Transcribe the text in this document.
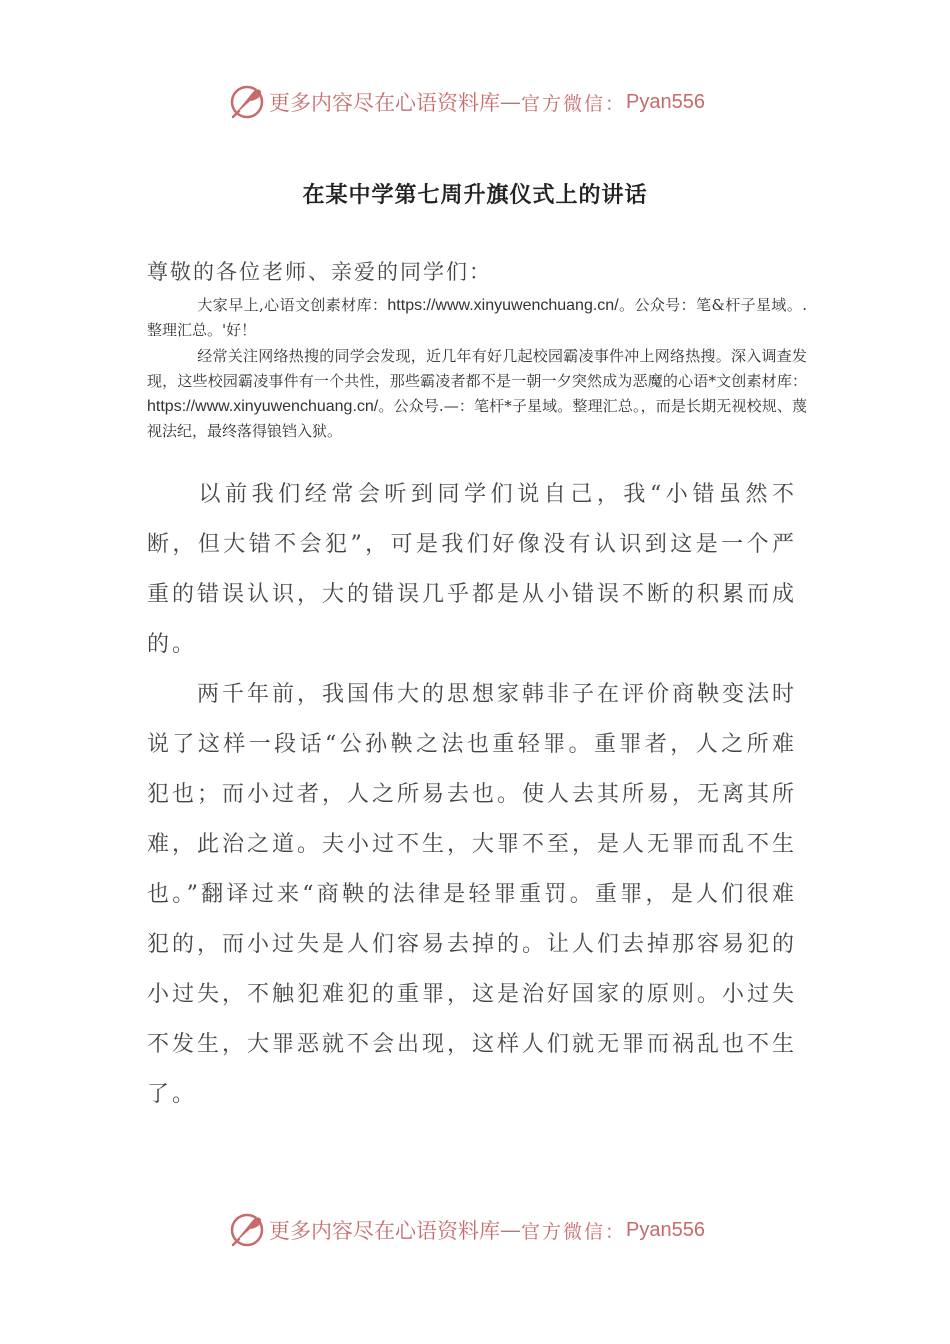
更多内容尽在心语资料库 — 官方微信： Pyan556
在某中学第七周升旗仪式上的讲话
尊敬的各位老师、亲爱的同学们：
大家早上,心语文创素材库：https://www.xinyuwenchuang.cn/。公众号：笔&杆子星域。.整理汇总。'好！
经常关注网络热搜的同学会发现，近几年有好几起校园霸凌事件冲上网络热搜。深入调查发现，这些校园霸凌事件有一个共性，那些霸凌者都不是一朝一夕突然成为恶魔的心语*文创素材库：https://www.xinyuwenchuang.cn/。公众号.—：笔杆*子星域。整理汇总。，而是长期无视校规、蔑视法纪，最终落得锒铛入狱。
以前我们经常会听到同学们说自己，我“小错虽然不断，但大错不会犯”，可是我们好像没有认识到这是一个严重的错误认识，大的错误几乎都是从小错误不断的积累而成的。
两千年前，我国伟大的思想家韩非子在评价商鞅变法时说了这样一段话“公孙鞅之法也重轻罪。重罪者，人之所难犯也；而小过者，人之所易去也。使人去其所易，无离其所难，此治之道。夫小过不生，大罪不至，是人无罪而乱不生也。”翻译过来“商鞅的法律是轻罪重罚。重罪，是人们很难犯的，而小过失是人们容易去掉的。让人们去掉那容易犯的小过失，不触犯难犯的重罪，这是治好国家的原则。小过失不发生，大罪恶就不会出现，这样人们就无罪而祸乱也不生了。
更多内容尽在心语资料库 — 官方微信： Pyan556
